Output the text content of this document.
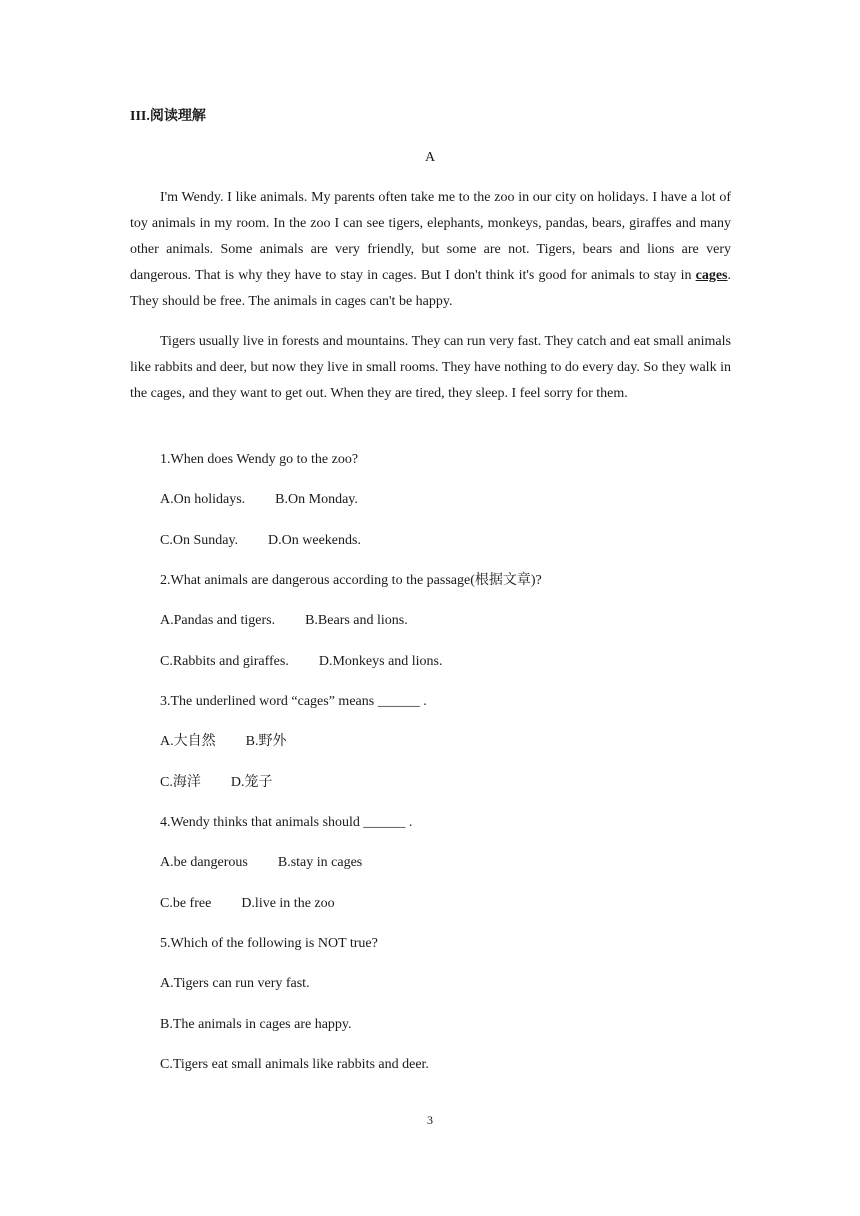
III.阅读理解
A

I'm Wendy. I like animals. My parents often take me to the zoo in our city on holidays. I have a lot of toy animals in my room. In the zoo I can see tigers, elephants, monkeys, pandas, bears, giraffes and many other animals. Some animals are very friendly, but some are not. Tigers, bears and lions are very dangerous. That is why they have to stay in cages. But I don't think it's good for animals to stay in cages. They should be free. The animals in cages can't be happy.

Tigers usually live in forests and mountains. They can run very fast. They catch and eat small animals like rabbits and deer, but now they live in small rooms. They have nothing to do every day. So they walk in the cages, and they want to get out. When they are tired, they sleep. I feel sorry for them.

1.When does Wendy go to the zoo?

A.On holidays. B.On Monday.

C.On Sunday. D.On weekends.

2.What animals are dangerous according to the passage(根据文章)?

A.Pandas and tigers. B.Bears and lions.

C.Rabbits and giraffes. D.Monkeys and lions.

3.The underlined word “cages” means ______ .

A.大自然 B.野外

C.海洋 D.笼子

4.Wendy thinks that animals should ______ .

A.be dangerous B.stay in cages

C.be free D.live in the zoo

5.Which of the following is NOT true?

A.Tigers can run very fast.

B.The animals in cages are happy.

C.Tigers eat small animals like rabbits and deer.

3
